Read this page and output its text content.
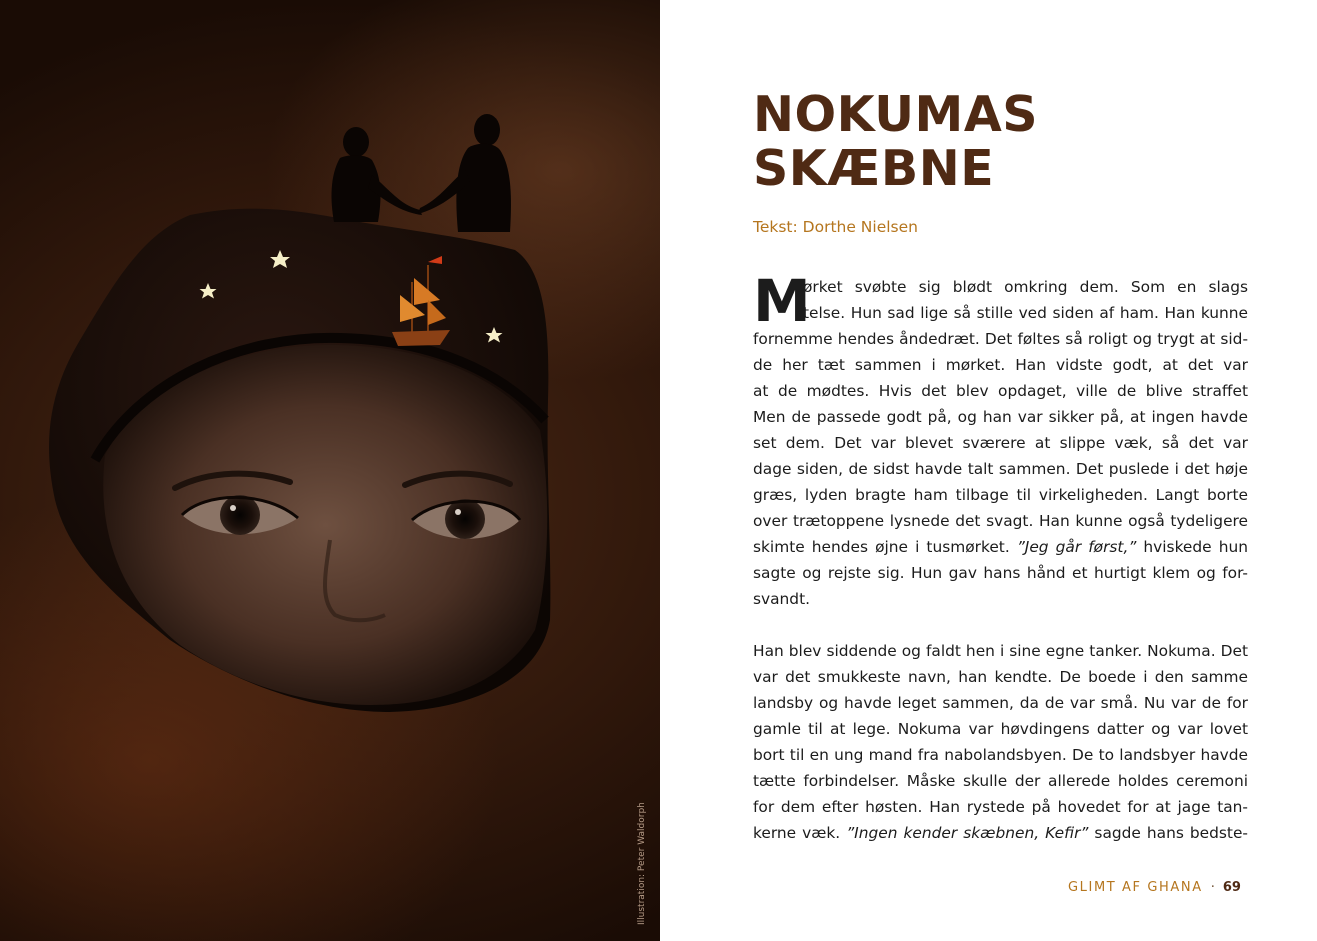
Illustration: Peter Waldorph
NOKUMAS
SKÆBNE
Tekst: Dorthe Nielsen
M

ørket svøbte sig blødt omkring dem. Som en slags
telse. Hun sad lige så stille ved siden af ham. Han kunne
fornemme hendes åndedræt. Det føltes så roligt og trygt at sid-
de her tæt sammen i mørket. Han vidste godt, at det var
at de mødtes. Hvis det blev opdaget, ville de blive straffet
Men de passede godt på, og han var sikker på, at ingen havde
set dem. Det var blevet sværere at slippe væk, så det var
dage siden, de sidst havde talt sammen. Det puslede i det høje
græs, lyden bragte ham tilbage til virkeligheden. Langt borte
over trætoppene lysnede det svagt. Han kunne også tydeligere
skimte hendes øjne i tusmørket. ”Jeg går først,” hviskede hun
sagte og rejste sig. Hun gav hans hånd et hurtigt klem og for-
svandt.

Han blev siddende og faldt hen i sine egne tanker. Nokuma. Det
var det smukkeste navn, han kendte. De boede i den samme
landsby og havde leget sammen, da de var små. Nu var de for
gamle til at lege. Nokuma var høvdingens datter og var lovet
bort til en ung mand fra nabolandsbyen. De to landsbyer havde
tætte forbindelser. Måske skulle der allerede holdes ceremoni
for dem efter høsten. Han rystede på hovedet for at jage tan-
kerne væk. ”Ingen kender skæbnen, Kefir” sagde hans bedste-

GLIMT AF GHANA · 69
